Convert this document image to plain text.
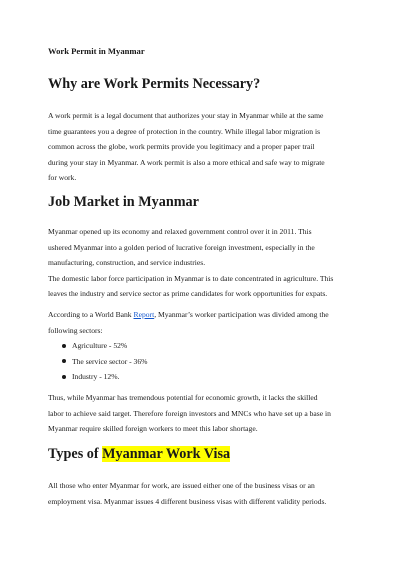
Work Permit in Myanmar

Why are Work Permits Necessary?

A work permit is a legal document that authorizes your stay in Myanmar while at the same
time guarantees you a degree of protection in the country. While illegal labor migration is
common across the globe, work permits provide you legitimacy and a proper paper trail
during your stay in Myanmar. A work permit is also a more ethical and safe way to migrate
for work.

Job Market in Myanmar

Myanmar opened up its economy and relaxed government control over it in 2011. This
ushered Myanmar into a golden period of lucrative foreign investment, especially in the
manufacturing, construction, and service industries.
The domestic labor force participation in Myanmar is to date concentrated in agriculture. This
leaves the industry and service sector as prime candidates for work opportunities for expats.

According to a World Bank Report, Myanmar’s worker participation was divided among the
following sectors:

Agriculture - 52%
The service sector - 36%
Industry - 12%.

Thus, while Myanmar has tremendous potential for economic growth, it lacks the skilled
labor to achieve said target. Therefore foreign investors and MNCs who have set up a base in
Myanmar require skilled foreign workers to meet this labor shortage.

Types of Myanmar Work Visa

All those who enter Myanmar for work, are issued either one of the business visas or an
employment visa. Myanmar issues 4 different business visas with different validity periods.
